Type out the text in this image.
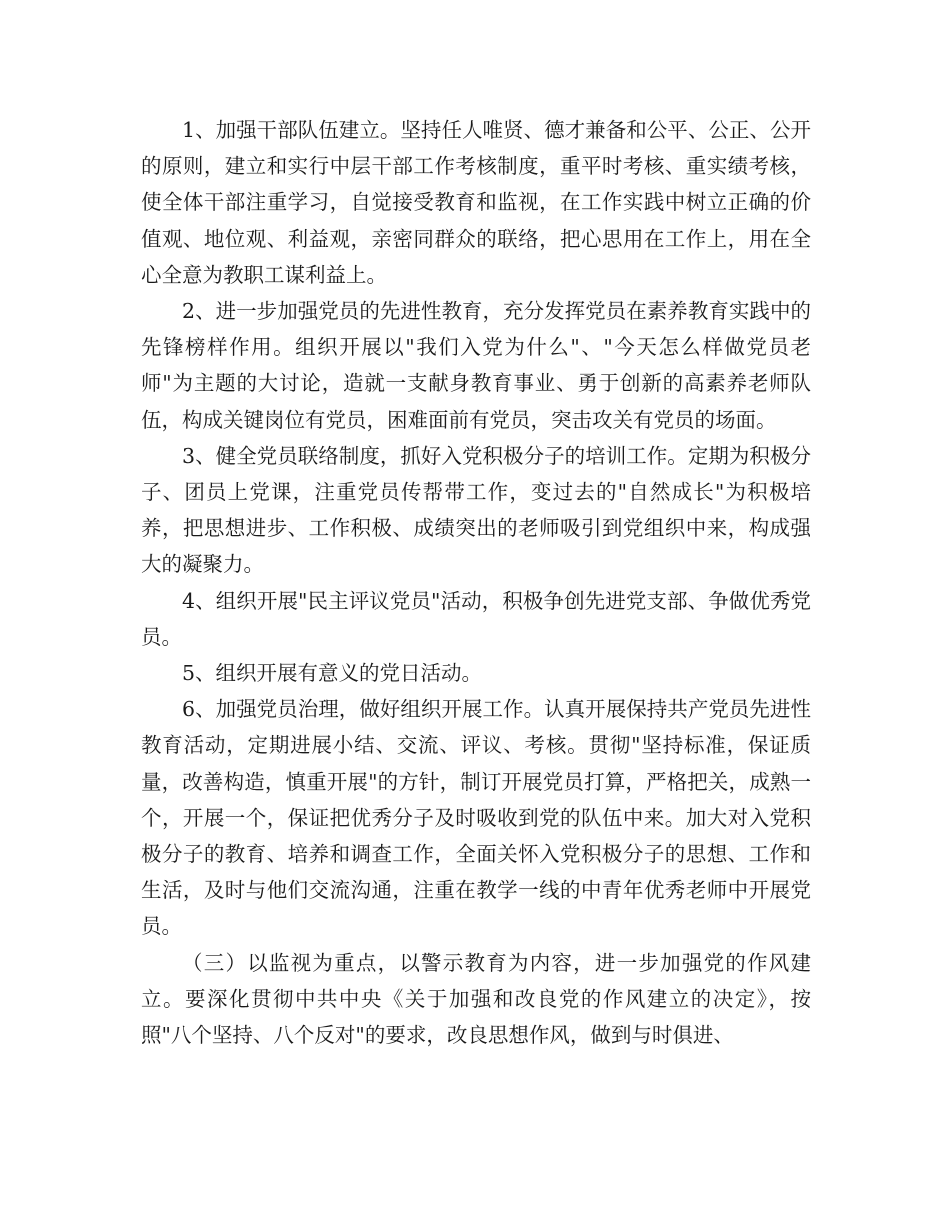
1、加强干部队伍建立。坚持任人唯贤、德才兼备和公平、公正、公开的原则，建立和实行中层干部工作考核制度，重平时考核、重实绩考核，使全体干部注重学习，自觉接受教育和监视，在工作实践中树立正确的价值观、地位观、利益观，亲密同群众的联络，把心思用在工作上，用在全心全意为教职工谋利益上。

2、进一步加强党员的先进性教育，充分发挥党员在素养教育实践中的先锋榜样作用。组织开展以"我们入党为什么"、"今天怎么样做党员老师"为主题的大讨论，造就一支献身教育事业、勇于创新的高素养老师队伍，构成关键岗位有党员，困难面前有党员，突击攻关有党员的场面。

3、健全党员联络制度，抓好入党积极分子的培训工作。定期为积极分子、团员上党课，注重党员传帮带工作，变过去的"自然成长"为积极培养，把思想进步、工作积极、成绩突出的老师吸引到党组织中来，构成强大的凝聚力。

4、组织开展"民主评议党员"活动，积极争创先进党支部、争做优秀党员。

5、组织开展有意义的党日活动。

6、加强党员治理，做好组织开展工作。认真开展保持共产党员先进性教育活动，定期进展小结、交流、评议、考核。贯彻"坚持标准，保证质量，改善构造，慎重开展"的方针，制订开展党员打算，严格把关，成熟一个，开展一个，保证把优秀分子及时吸收到党的队伍中来。加大对入党积极分子的教育、培养和调查工作，全面关怀入党积极分子的思想、工作和生活，及时与他们交流沟通，注重在教学一线的中青年优秀老师中开展党员。

（三）以监视为重点，以警示教育为内容，进一步加强党的作风建立。要深化贯彻中共中央《关于加强和改良党的作风建立的决定》，按照"八个坚持、八个反对"的要求，改良思想作风，做到与时俱进、
